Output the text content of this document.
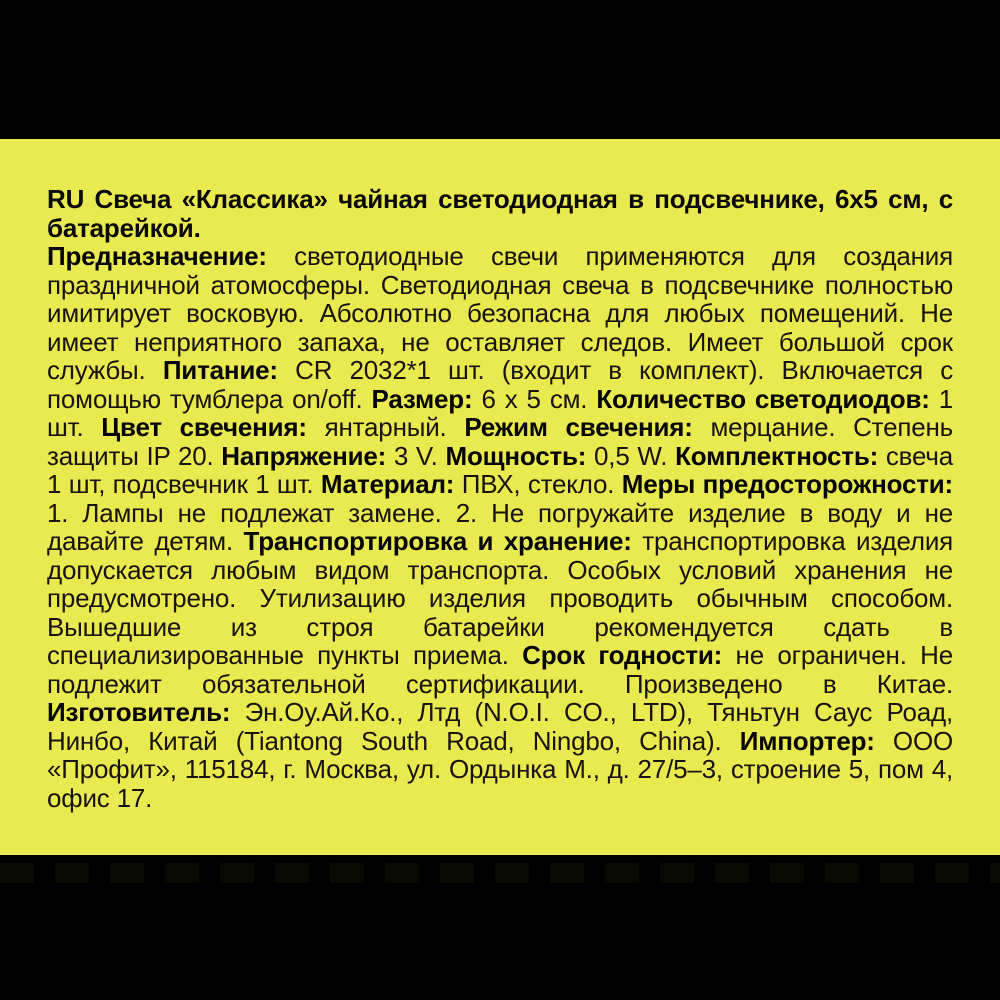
RU Свеча «Классика» чайная светодиодная в подсвечнике, 6х5 см, с батарейкой.

Предназначение: светодиодные свечи применяются для создания праздничной атомосферы. Светодиодная свеча в подсвечнике полностью имитирует восковую. Абсолютно безопасна для любых помещений. Не имеет неприятного запаха, не оставляет следов. Имеет большой срок службы. Питание: CR 2032*1 шт. (входит в комплект). Включается с помощью тумблера on/off. Размер: 6 х 5 см. Количество светодиодов: 1 шт. Цвет свечения: янтарный. Режим свечения: мерцание. Степень защиты IP 20. Напряжение: 3 V. Мощность: 0,5 W. Комплектность: свеча 1 шт, подсвечник 1 шт. Материал: ПВХ, стекло. Меры предосторожности: 1. Лампы не подлежат замене. 2. Не погружайте изделие в воду и не давайте детям. Транспортировка и хранение: транспортировка изделия допускается любым видом транспорта. Особых условий хранения не предусмотрено. Утилизацию изделия проводить обычным способом. Вышедшие из строя батарейки рекомендуется сдать в специализированные пункты приема. Срок годности: не ограничен. Не подлежит обязательной сертификации. Произведено в Китае. Изготовитель: Эн.Оу.Ай.Ко., Лтд (N.O.I. CO., LTD), Тяньтун Саус Роад, Нинбо, Китай (Tiantong South Road, Ningbo, China). Импортер: ООО «Профит», 115184, г. Москва, ул. Ордынка М., д. 27/5–3, строение 5, пом 4, офис 17.
